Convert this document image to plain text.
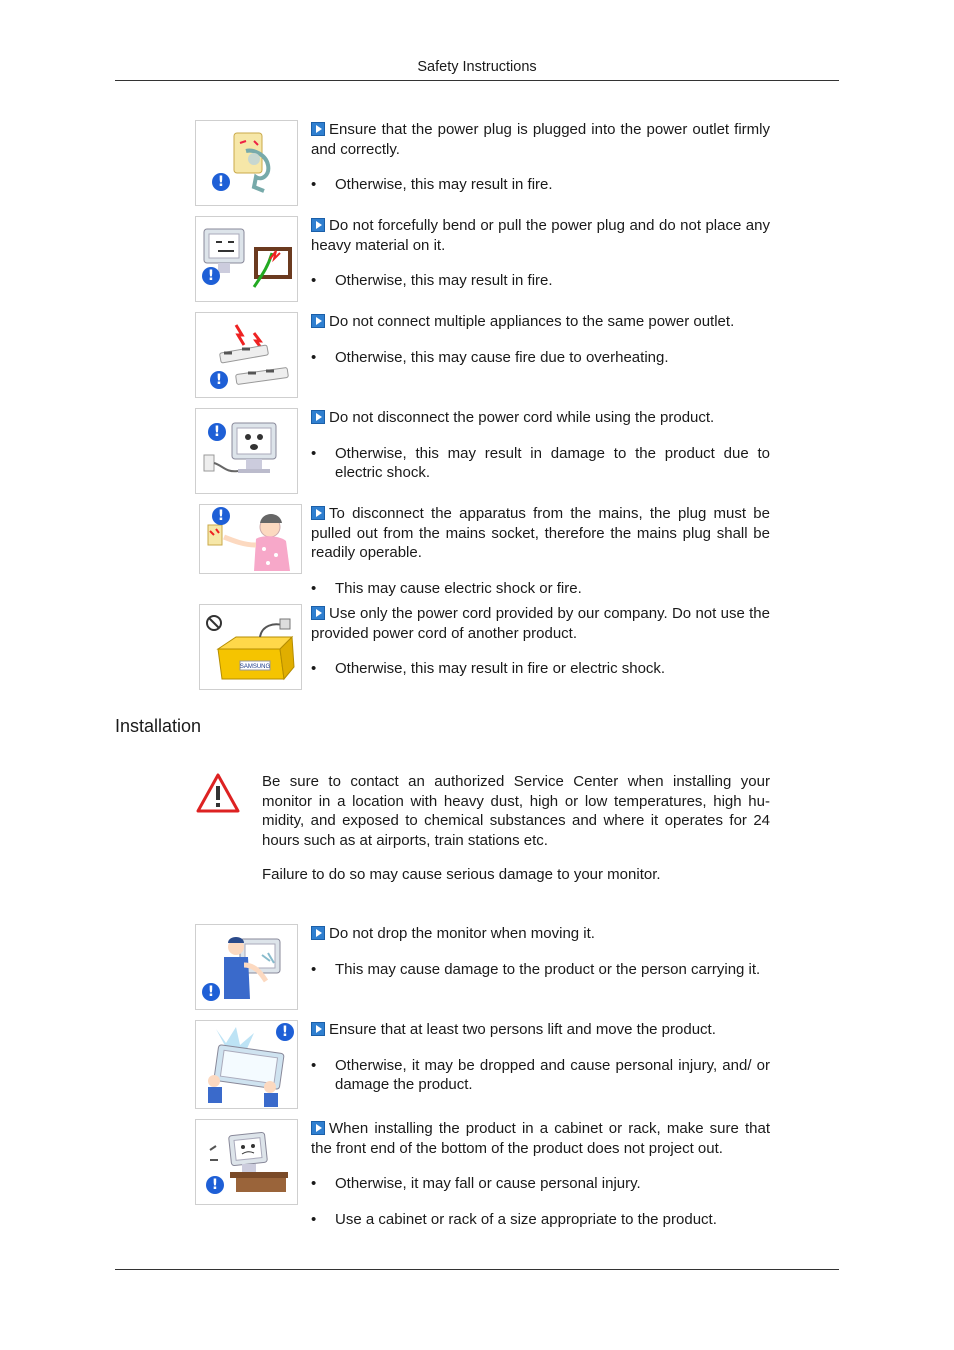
Safety Instructions
!

Ensure that the power plug is plugged into the power outlet firmly and correctly.

• Otherwise, this may result in fire.

!

Do not forcefully bend or pull the power plug and do not place any heavy material on it.

• Otherwise, this may result in fire.

!

Do not connect multiple appliances to the same power outlet.

• Otherwise, this may cause fire due to overheating.

!

Do not disconnect the power cord while using the product.

• Otherwise, this may result in damage to the product due to electric shock.

!	To disconnect the apparatus from the mains, the plug must be pulled out from the mains socket, therefore the mains plug shall be readily operable.

• This may cause electric shock or fire.

SAMSUNG

Use only the power cord provided by our company. Do not use the provided power cord of another product.

• Otherwise, this may result in fire or electric shock.

Installation

Be sure to contact an authorized Service Center when installing your monitor in a location with heavy dust, high or low temperatures, high hu-midity, and exposed to chemical substances and where it operates for 24 hours such as at airports, train stations etc.

Failure to do so may cause serious damage to your monitor.

!

Do not drop the monitor when moving it.

• This may cause damage to the product or the person carrying it.

!	Ensure that at least two persons lift and move the product.

• Otherwise, it may be dropped and cause personal injury, and/ or damage the product.

!

When installing the product in a cabinet or rack, make sure that the front end of the bottom of the product does not project out.

• Otherwise, it may fall or cause personal injury.

• Use a cabinet or rack of a size appropriate to the product.
